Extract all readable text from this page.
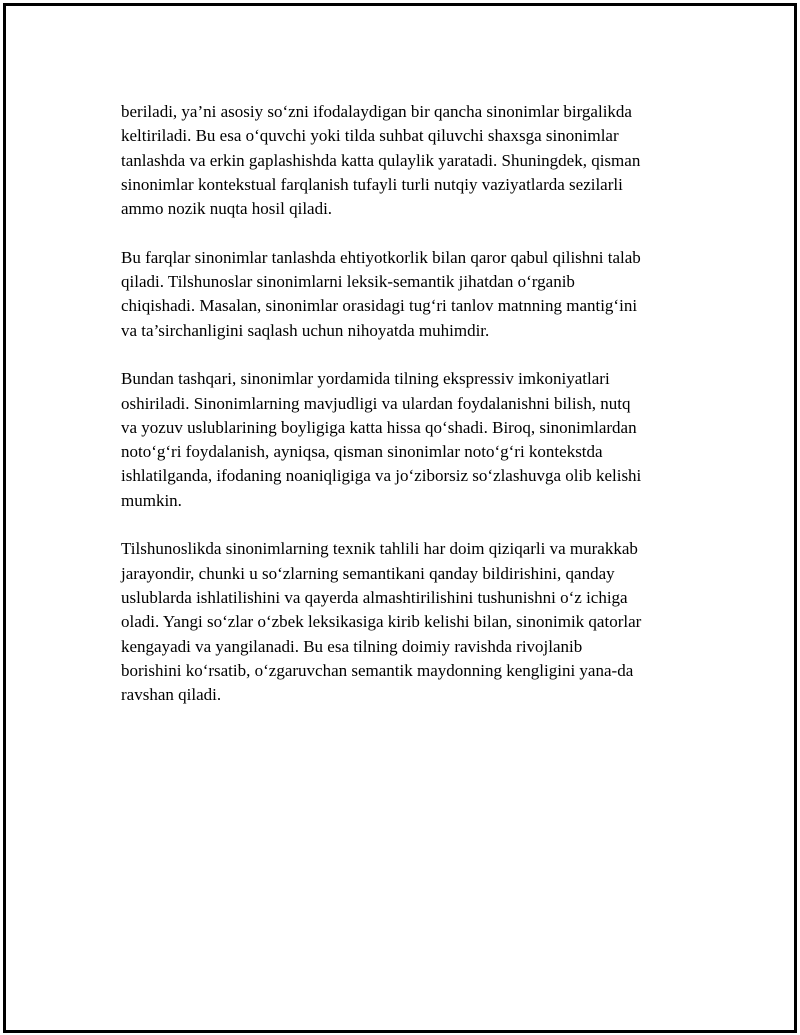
beriladi, ya’ni asosiy so‘zni ifodalaydigan bir qancha sinonimlar birgalikda
keltiriladi. Bu esa o‘quvchi yoki tilda suhbat qiluvchi shaxsga sinonimlar
tanlashda va erkin gaplashishda katta qulaylik yaratadi. Shuningdek, qisman
sinonimlar kontekstual farqlanish tufayli turli nutqiy vaziyatlarda sezilarli
ammo nozik nuqta hosil qiladi.

Bu farqlar sinonimlar tanlashda ehtiyotkorlik bilan qaror qabul qilishni talab
qiladi. Tilshunoslar sinonimlarni leksik-semantik jihatdan o‘rganib
chiqishadi. Masalan, sinonimlar orasidagi tug‘ri tanlov matnning mantig‘ini
va ta’sirchanligini saqlash uchun nihoyatda muhimdir.

Bundan tashqari, sinonimlar yordamida tilning ekspressiv imkoniyatlari
oshiriladi. Sinonimlarning mavjudligi va ulardan foydalanishni bilish, nutq
va yozuv uslublarining boyligiga katta hissa qo‘shadi. Biroq, sinonimlardan
noto‘g‘ri foydalanish, ayniqsa, qisman sinonimlar noto‘g‘ri kontekstda
ishlatilganda, ifodaning noaniqligiga va jo‘ziborsiz so‘zlashuvga olib kelishi
mumkin.

Tilshunoslikda sinonimlarning texnik tahlili har doim qiziqarli va murakkab
jarayondir, chunki u so‘zlarning semantikani qanday bildirishini, qanday
uslublarda ishlatilishini va qayerda almashtirilishini tushunishni o‘z ichiga
oladi. Yangi so‘zlar o‘zbek leksikasiga kirib kelishi bilan, sinonimik qatorlar
kengayadi va yangilanadi. Bu esa tilning doimiy ravishda rivojlanib
borishini ko‘rsatib, o‘zgaruvchan semantik maydonning kengligini yana-da
ravshan qiladi.
